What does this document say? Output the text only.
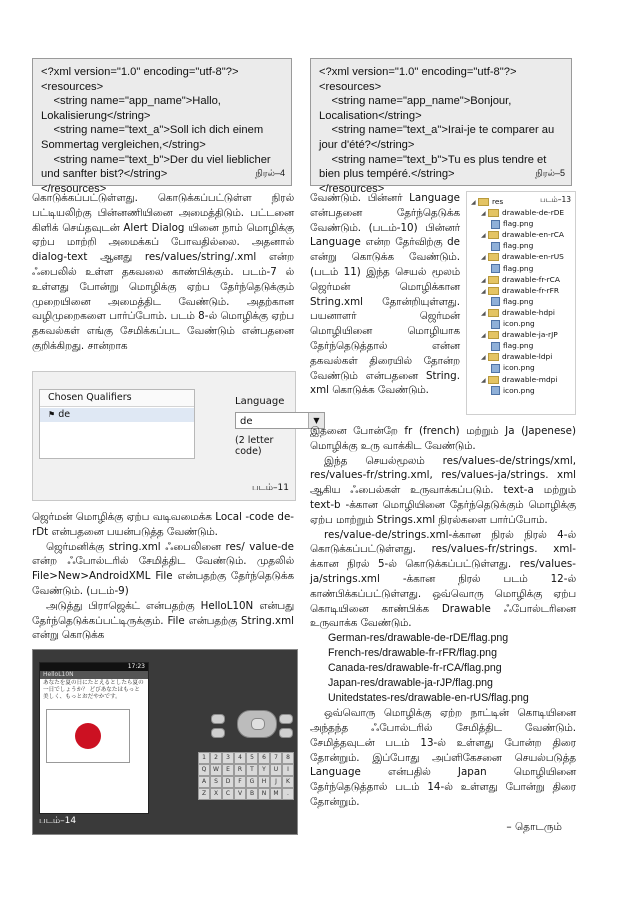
<?xml version="1.0" encoding="utf-8"?>
<resources>
<string name="app_name">Hallo, Lokalisierung</string>
<string name="text_a">Soll ich dich einem Sommertag vergleichen,</string>
<string name="text_b">Der du viel lieblicher und sanfter bist?</string>
</resources>
நிரல்–4
<?xml version="1.0" encoding="utf-8"?>
<resources>
<string name="app_name">Bonjour, Localisation</string>
<string name="text_a">Irai-je te comparer au jour d'été?</string>
<string name="text_b">Tu es plus tendre et bien plus tempéré.</string>
</resources>
நிரல்–5

கொடுக்கப்பட்டுள்ளது. கொடுக்கப்பட்டுள்ள நிரல் பட்டியலிற்கு பின்னணியினை அமைத்திடும். பட்டனை கிளிக் செய்தவுடன் Alert Dialog யினை நாம் மொழிக்கு ஏற்ப மாற்றி அமைக்கப் போவதில்லை. அதனால் dialog-text ஆனது res/values/string/.xml என்ற ஃபைலில் உள்ள தகவலை காண்பிக்கும். படம்-7 ல் உள்ளது போன்று மொழிக்கு ஏற்ப தேர்ந்தெடுக்கும் முறையினை அமைத்திட வேண்டும். அதற்கான வழிமுறைகளை பார்ப்போம். படம் 8-ல் மொழிக்கு ஏற்ப தகவல்கள் எங்கு சேமிக்கப்பட வேண்டும் என்பதனை குறிக்கிறது. சான்றாக

Chosen Qualifiers
⚑ de
Language
de	▼
(2 letter code)
படம்–11

ஜெர்மன் மொழிக்கு ஏற்ப வடிவமைக்க Local -code de-rDt என்பதனை பயன்படுத்த வேண்டும்.

ஜெர்மனிக்கு string.xml ஃபைலினை res/ value-de என்ற ஃபோல்டரில் சேமித்திட வேண்டும். முதலில் File>New>AndroidXML File என்பதற்கு தேர்ந்தெடுக்க வேண்டும். (படம்-9)

அடுத்து பிராஜெக்ட் என்பதற்கு HelloL10N என்பது தேர்ந்தெடுக்கப்பட்டிருக்கும். File என்பதற்கு String.xml என்று கொடுக்க

17:23
HelloL10N
あなたを夏の日にたとえるとしたら夏の一日でしょうか？ どびあなたはもっと美しく、もっとおだやかです。
1	2	3	4	5	6	7	8
Q	W	E	R	T	Y	U	I
A	S	D	F	G	H	J	K
Z	X	C	V	B	N	M	.
படம்–14

வேண்டும். பின்னர் Language என்பதனை தேர்ந்தெடுக்க வேண்டும். (படம்-10) பின்னர் Language என்ற தேர்விற்கு de என்று கொடுக்க வேண்டும். (படம் 11) இந்த செயல் மூலம் ஜெர்மன் மொழிக்கான String.xml தோன்றியுள்ளது. பயனாளர் ஜெர்மன் மொழியினை மொழியாக தேர்ந்தெடுத்தால் என்ன தகவல்கள் திரையில் தோன்ற வேண்டும் என்பதனை String. xml கொடுக்க வேண்டும்.

◢ res
◢ drawable-de-rDE
flag.png
◢ drawable-en-rCA
flag.png
◢ drawable-en-rUS
flag.png
◢ drawable-fr-rCA
◢ drawable-fr-rFR
flag.png
◢ drawable-hdpi
icon.png
◢ drawable-ja-rJP
flag.png
◢ drawable-ldpi
icon.png
◢ drawable-mdpi
icon.png
படம்–13

இதனை போன்றே fr (french) மற்றும் Ja (Japenese) மொழிக்கு உரு வாக்கிட வேண்டும்.

இந்த செயல்மூலம் res/values-de/strings/xml, res/values-fr/string.xml, res/values-ja/strings. xml ஆகிய ஃபைல்கள் உருவாக்கப்படும். text-a மற்றும் text-b -க்கான மொழியினை தேர்ந்தெடுக்கும் மொழிக்கு ஏற்ப மாற்றும் Strings.xml நிரல்களை பார்ப்போம்.

res/value-de/strings.xml-க்கான நிரல் நிரல் 4-ல் கொடுக்கப்பட்டுள்ளது. res/values-fr/strings. xml-க்கான நிரல் 5-ல் கொடுக்கப்பட்டுள்ளது. res/values-ja/strings.xml -க்கான நிரல் படம் 12-ல் காண்பிக்கப்பட்டுள்ளது. ஒவ்வொரு மொழிக்கு ஏற்ப கொடியினை காண்பிக்க Drawable ஃபோல்டரினை உருவாக்க வேண்டும்.

German-res/drawable-de-rDE/flag.png
French-res/drawable-fr-rFR/flag.png
Canada-res/drawable-fr-rCA/flag.png
Japan-res/drawable-ja-rJP/flag.png
Unitedstates-res/drawable-en-rUS/flag.png

ஒவ்வொரு மொழிக்கு ஏற்ற நாட்டின் கொடியினை அந்தந்த ஃபோல்டரில் சேமித்திட வேண்டும். சேமித்தவுடன் படம் 13-ல் உள்ளது போன்ற திரை தோன்றும். இப்போது அப்ளிகேசனை செயல்படுத்த Language என்பதில் Japan மொழியினை தேர்ந்தெடுத்தால் படம் 14-ல் உள்ளது போன்று திரை தோன்றும்.

– தொடரும்
